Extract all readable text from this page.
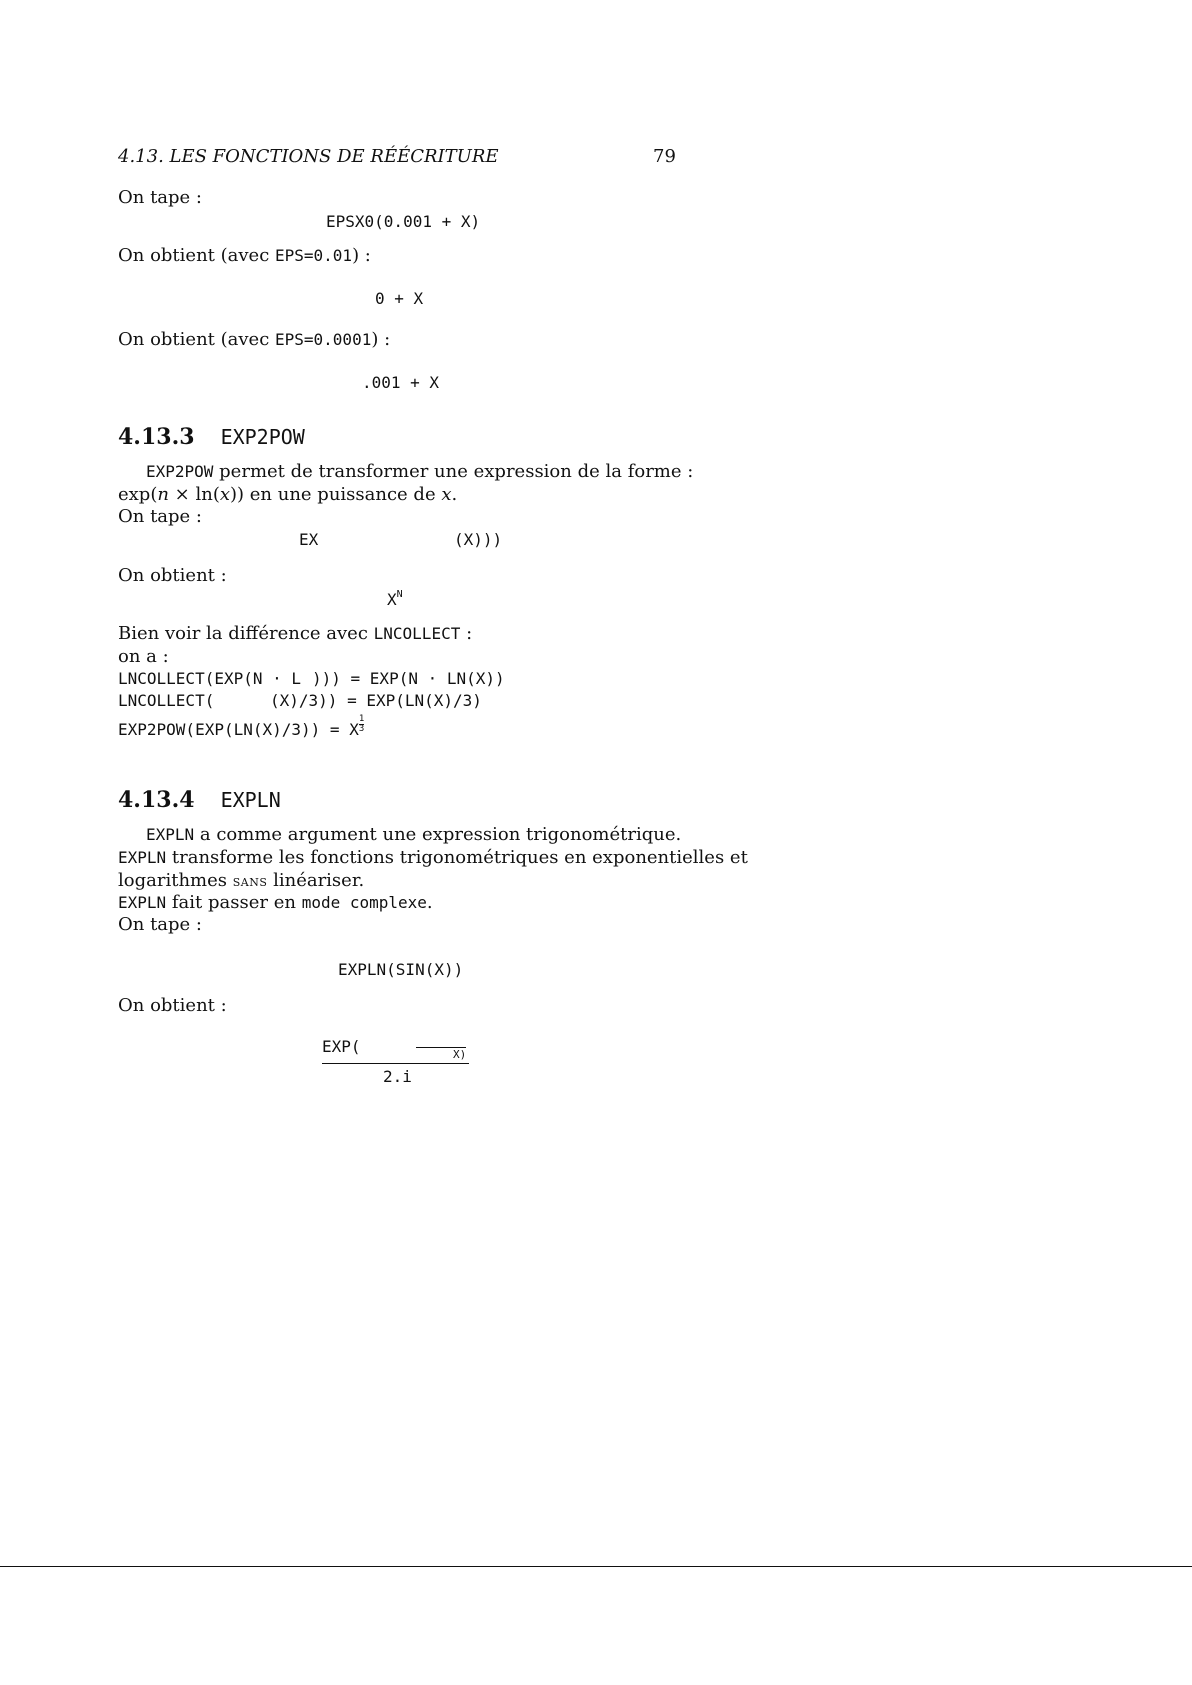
4.13. LES FONCTIONS DE RÉÉCRITURE	79
On tape :
EPSX0(0.001 + X)
On obtient (avec EPS=0.01) :
0 + X
On obtient (avec EPS=0.0001) :
.001 + X
4.13.3 EXP2POW
EXP2POW permet de transformer une expression de la forme :
exp(n × ln(x)) en une puissance de x.
On tape :
EX	(X)))
On obtient :
$X^N$
Bien voir la différence avec LNCOLLECT :
on a :
LNCOLLECT(EXP(N · L ))) = EXP(N · LN(X))
LNCOLLECT(	(X)/3)) = EXP(LN(X)/3)
EXP2POW(EXP(LN(X)/3)) = X $\frac{1}{3}$
4.13.4 EXPLN
EXPLN a comme argument une expression trigonométrique.
EXPLN transforme les fonctions trigonométriques en exponentielles et
logarithmes sans linéariser.
EXPLN fait passer en mode complexe.
On tape :
EXPLN(SIN(X))
On obtient :
EXP(	X)
2.i
